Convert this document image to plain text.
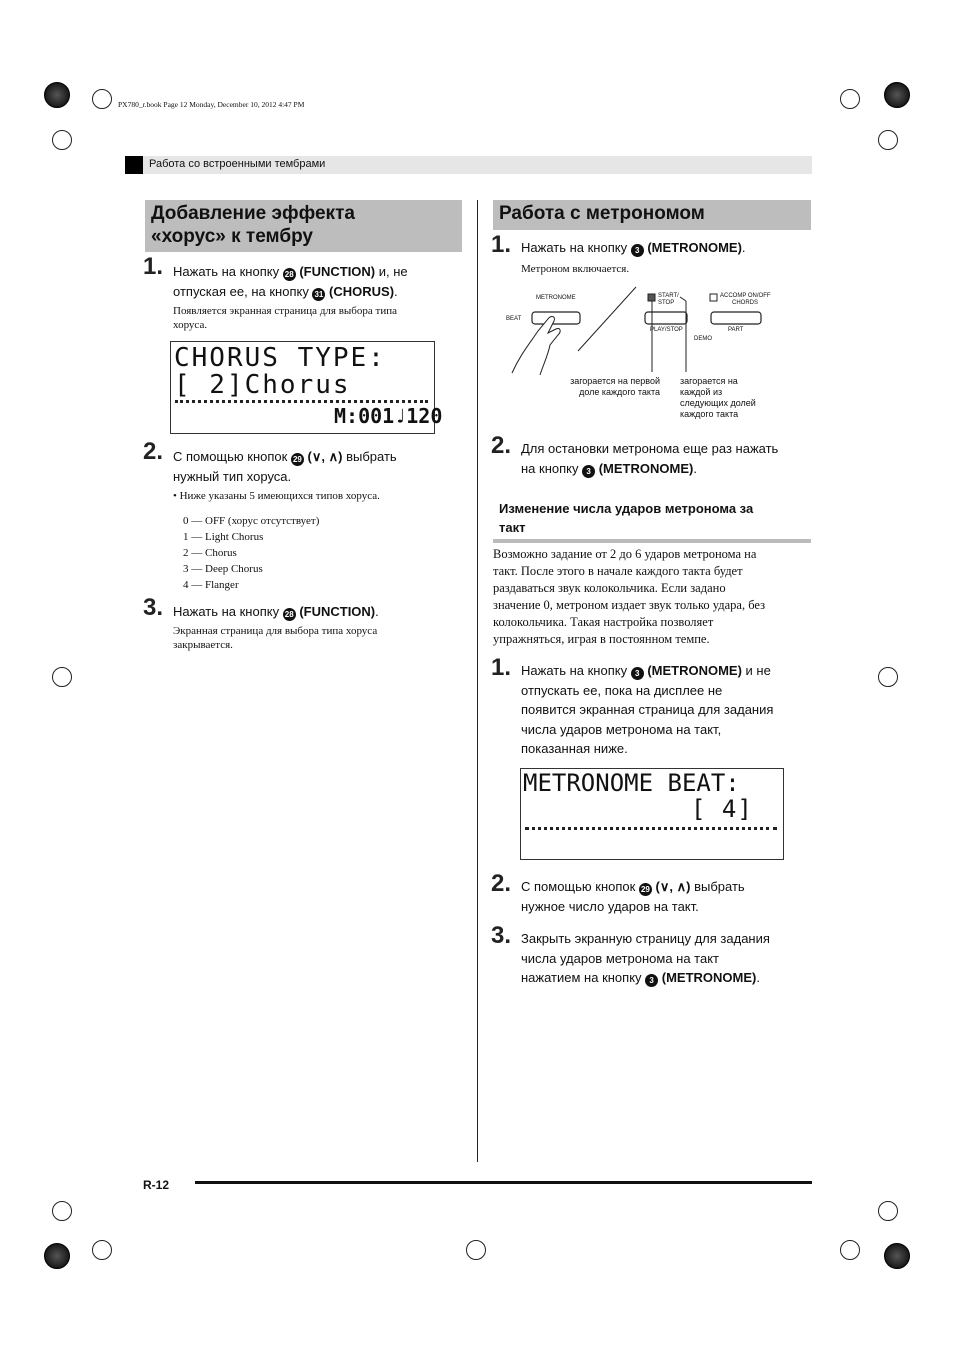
PX780_r.book Page 12 Monday, December 10, 2012 4:47 PM
Работа со встроенными тембрами
Добавление эффекта
«хорус» к тембру
1. Нажать на кнопку 28 (FUNCTION) и, не
отпуская ее, на кнопку 31 (CHORUS).
Появляется экранная страница для выбора типа
хоруса.
CHORUS TYPE:
[ 2]Chorus
M:001♩120
2. С помощью кнопок 29 (∨, ∧) выбрать
нужный тип хоруса.
• Ниже указаны 5 имеющихся типов хоруса.
0 — OFF (хорус отсутствует)
1 — Light Chorus
2 — Chorus
3 — Deep Chorus
4 — Flanger
3. Нажать на кнопку 28 (FUNCTION).
Экранная страница для выбора типа хоруса
закрывается.
Работа с метрономом
1. Нажать на кнопку 3 (METRONOME).
Метроном включается.
METRONOME
BEAT
START/
STOP
PLAY/STOP
ACCOMP ON/OFF
CHORDS
PART
DEMO
загорается на первой
доле каждого такта
загорается на
каждой из
следующих долей
каждого такта
2. Для остановки метронома еще раз нажать
на кнопку 3 (METRONOME).
Изменение числа ударов метронома за
такт
Возможно задание от 2 до 6 ударов метронома на
такт. После этого в начале каждого такта будет
раздаваться звук колокольчика. Если задано
значение 0, метроном издает звук только удара, без
колокольчика. Такая настройка позволяет
упражняться, играя в постоянном темпе.
1. Нажать на кнопку 3 (METRONOME) и не
отпускать ее, пока на дисплее не
появится экранная страница для задания
числа ударов метронома на такт,
показанная ниже.
METRONOME BEAT:
[ 4]
2. С помощью кнопок 29 (∨, ∧) выбрать
нужное число ударов на такт.
3. Закрыть экранную страницу для задания
числа ударов метронома на такт
нажатием на кнопку 3 (METRONOME).
R-12
